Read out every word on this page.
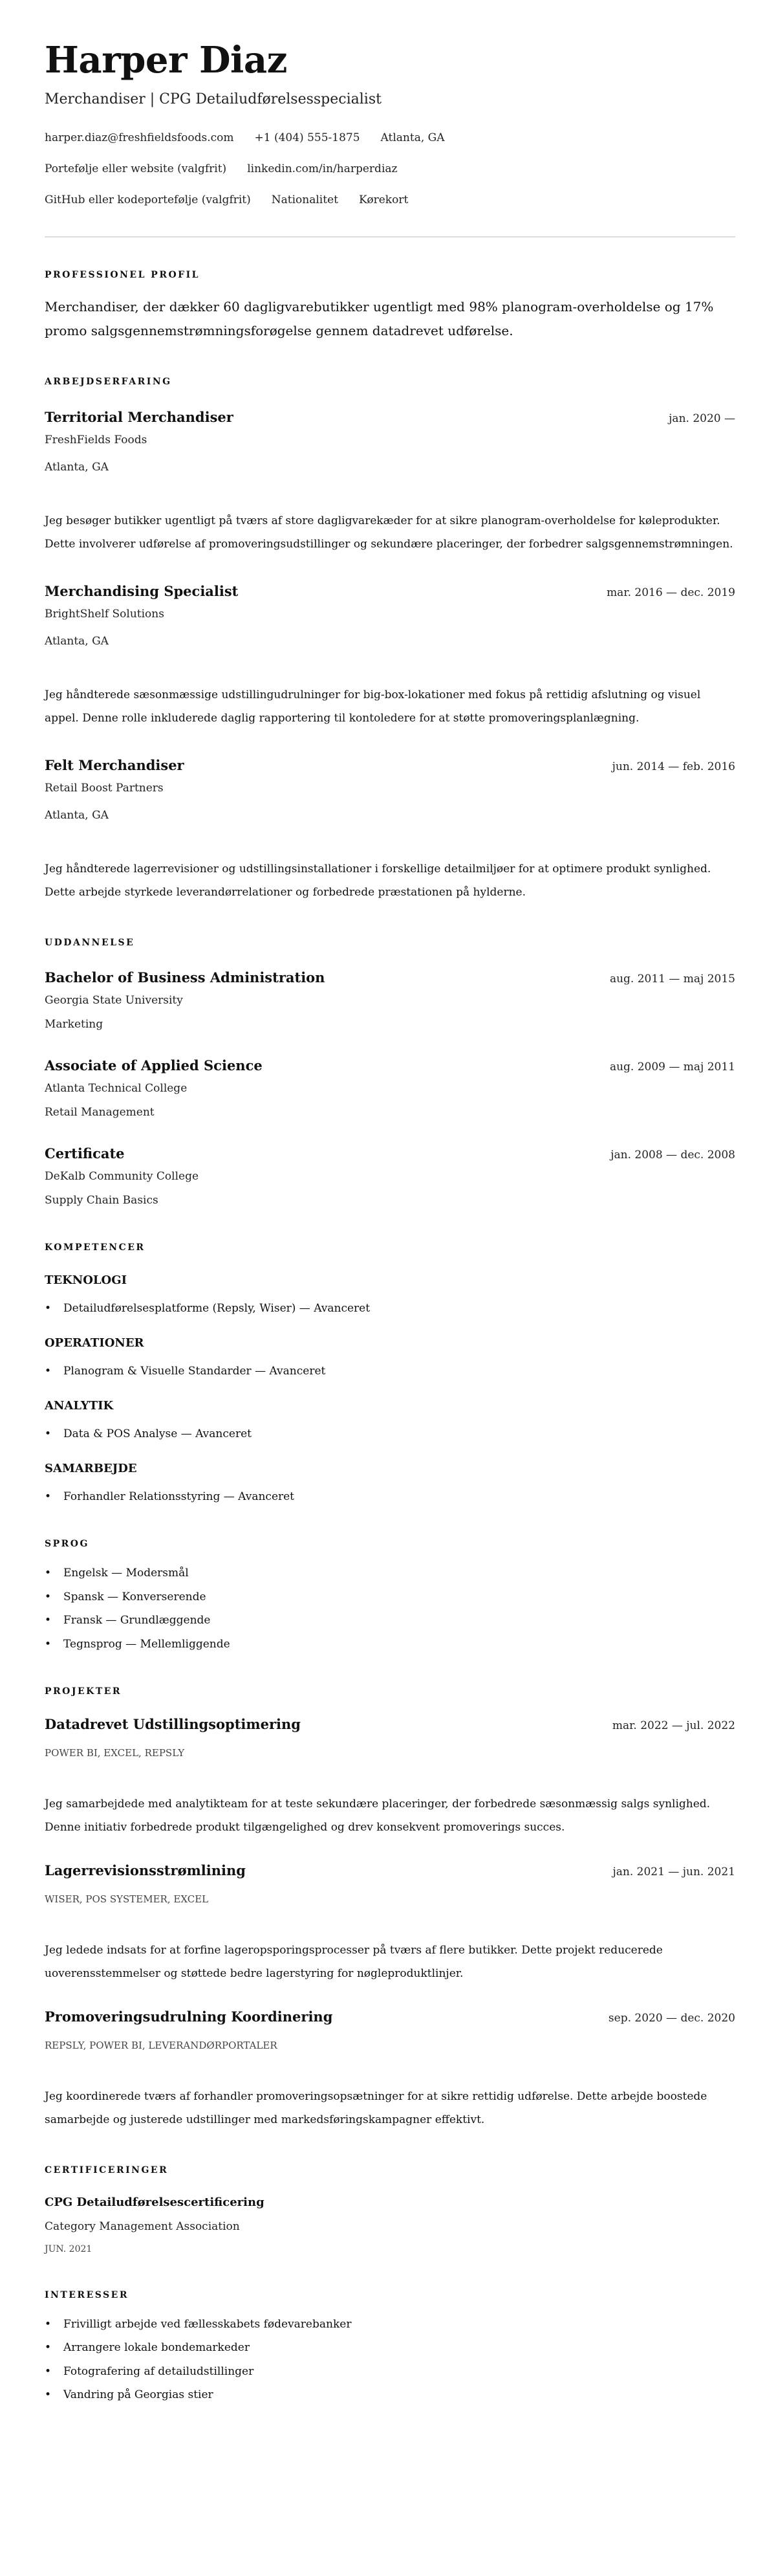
Harper Diaz
Merchandiser | CPG Detailudførelsesspecialist
harper.diaz@freshfieldsfoods.com +1 (404) 555-1875 Atlanta, GA
Portefølje eller website (valgfrit) linkedin.com/in/harperdiaz
GitHub eller kodeportefølje (valgfrit) Nationalitet Kørekort
PROFESSIONEL PROFIL
Merchandiser, der dækker 60 dagligvarebutikker ugentligt med 98% planogram-overholdelse og 17% promo salgsgennemstrømningsforøgelse gennem datadrevet udførelse.
ARBEJDSERFARING
Territorial Merchandiser	jan. 2020 —
FreshFields Foods
Atlanta, GA
Jeg besøger butikker ugentligt på tværs af store dagligvarekæder for at sikre planogram-overholdelse for køleprodukter. Dette involverer udførelse af promoveringsudstillinger og sekundære placeringer, der forbedrer salgsgennemstrømningen.
Merchandising Specialist	mar. 2016 — dec. 2019
BrightShelf Solutions
Atlanta, GA
Jeg håndterede sæsonmæssige udstillingudrulninger for big-box-lokationer med fokus på rettidig afslutning og visuel appel. Denne rolle inkluderede daglig rapportering til kontoledere for at støtte promoveringsplanlægning.
Felt Merchandiser	jun. 2014 — feb. 2016
Retail Boost Partners
Atlanta, GA
Jeg håndterede lagerrevisioner og udstillingsinstallationer i forskellige detailmiljøer for at optimere produkt synlighed. Dette arbejde styrkede leverandørrelationer og forbedrede præstationen på hylderne.
UDDANNELSE
Bachelor of Business Administration	aug. 2011 — maj 2015
Georgia State University
Marketing
Associate of Applied Science	aug. 2009 — maj 2011
Atlanta Technical College
Retail Management
Certificate	jan. 2008 — dec. 2008
DeKalb Community College
Supply Chain Basics
KOMPETENCER
TEKNOLOGI
• Detailudførelsesplatforme (Repsly, Wiser) — Avanceret
OPERATIONER
• Planogram & Visuelle Standarder — Avanceret
ANALYTIK
• Data & POS Analyse — Avanceret
SAMARBEJDE
• Forhandler Relationsstyring — Avanceret
SPROG
• Engelsk — Modersmål
• Spansk — Konverserende
• Fransk — Grundlæggende
• Tegnsprog — Mellemliggende
PROJEKTER
Datadrevet Udstillingsoptimering	mar. 2022 — jul. 2022
POWER BI, EXCEL, REPSLY
Jeg samarbejdede med analytikteam for at teste sekundære placeringer, der forbedrede sæsonmæssig salgs synlighed. Denne initiativ forbedrede produkt tilgængelighed og drev konsekvent promoverings succes.
Lagerrevisionsstrømlining	jan. 2021 — jun. 2021
WISER, POS SYSTEMER, EXCEL
Jeg ledede indsats for at forfine lageropsporingsprocesser på tværs af flere butikker. Dette projekt reducerede uoverensstemmelser og støttede bedre lagerstyring for nøgleproduktlinjer.
Promoveringsudrulning Koordinering	sep. 2020 — dec. 2020
REPSLY, POWER BI, LEVERANDØRPORTALER
Jeg koordinerede tværs af forhandler promoveringsopsætninger for at sikre rettidig udførelse. Dette arbejde boostede samarbejde og justerede udstillinger med markedsføringskampagner effektivt.
CERTIFICERINGER
CPG Detailudførelsescertificering
Category Management Association
JUN. 2021
INTERESSER
• Frivilligt arbejde ved fællesskabets fødevarebanker
• Arrangere lokale bondemarkeder
• Fotografering af detailudstillinger
• Vandring på Georgias stier
